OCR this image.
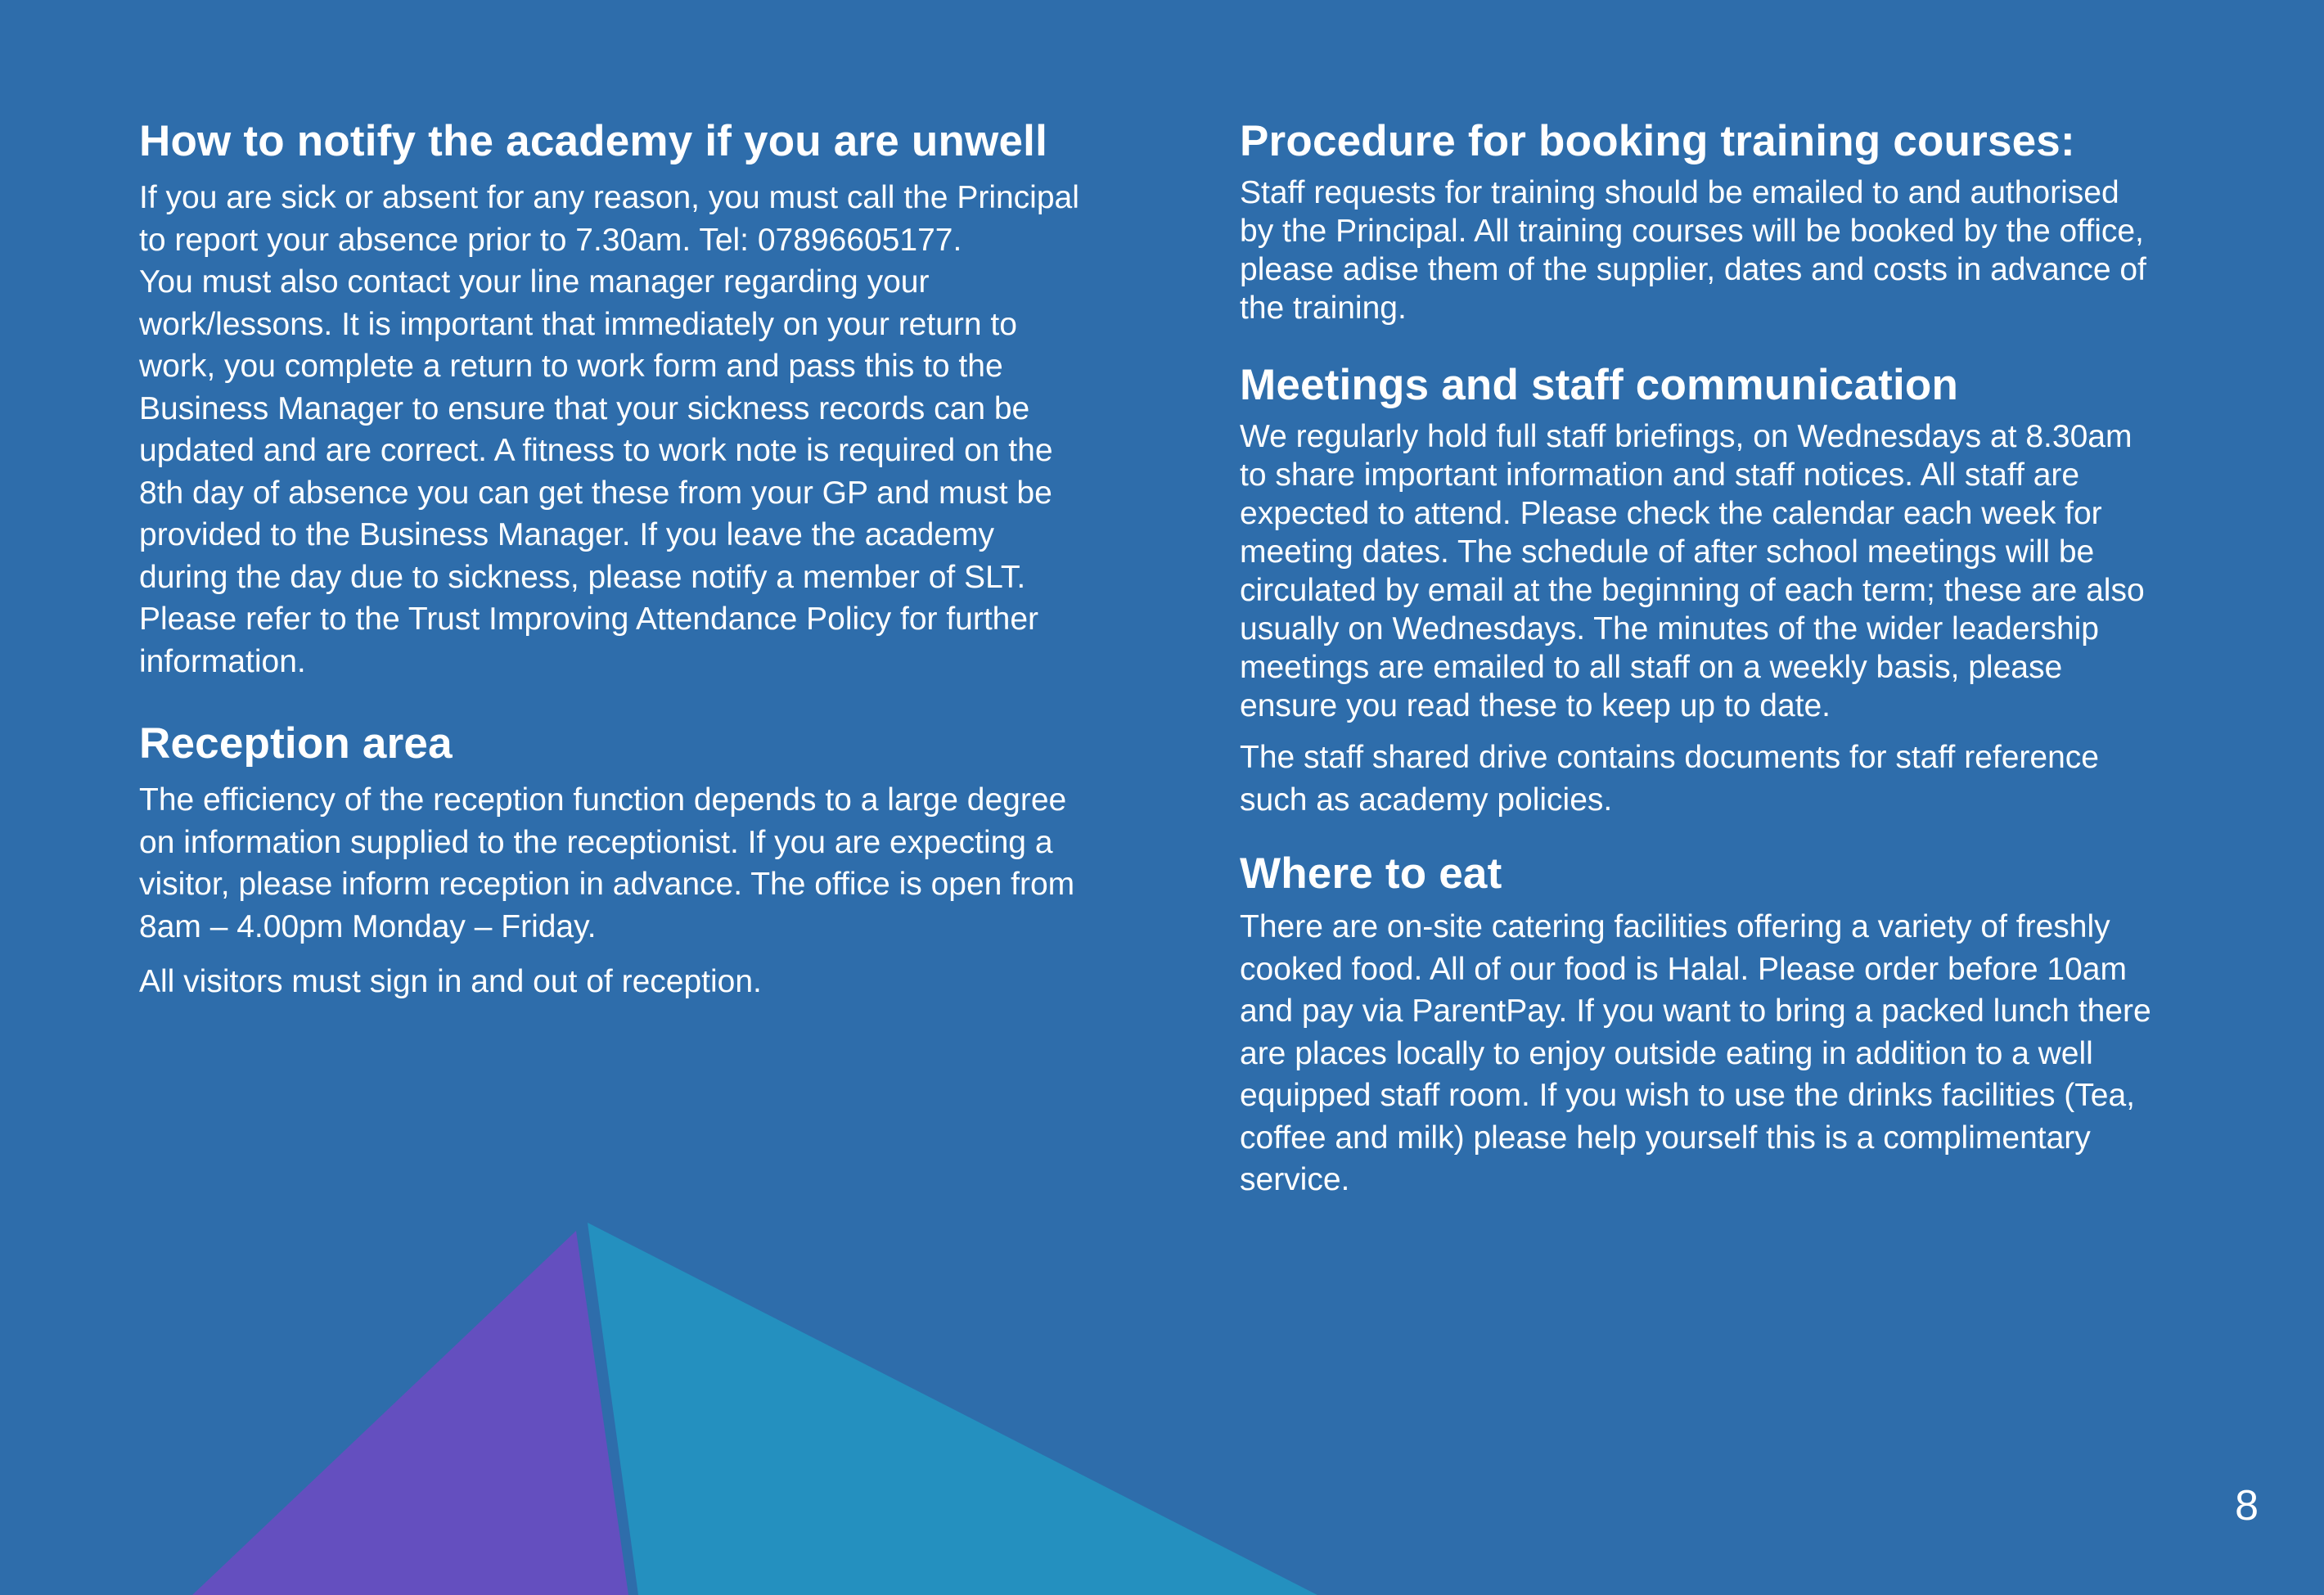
How to notify the academy if you are unwell

If you are sick or absent for any reason, you must call the Principal
to report your absence prior to 7.30am. Tel: 07896605177.
You must also contact your line manager regarding your
work/lessons. It is important that immediately on your return to
work, you complete a return to work form and pass this to the
Business Manager to ensure that your sickness records can be
updated and are correct. A fitness to work note is required on the
8th day of absence you can get these from your GP and must be
provided to the Business Manager. If you leave the academy
during the day due to sickness, please notify a member of SLT.
Please refer to the Trust Improving Attendance Policy for further
information.

Reception area

The efficiency of the reception function depends to a large degree
on information supplied to the receptionist. If you are expecting a
visitor, please inform reception in advance. The office is open from
8am – 4.00pm Monday – Friday.

All visitors must sign in and out of reception.

Procedure for booking training courses:

Staff requests for training should be emailed to and authorised
by the Principal. All training courses will be booked by the office,
please adise them of the supplier, dates and costs in advance of
the training.

Meetings and staff communication

We regularly hold full staff briefings, on Wednesdays at 8.30am
to share important information and staff notices. All staff are
expected to attend. Please check the calendar each week for
meeting dates. The schedule of after school meetings will be
circulated by email at the beginning of each term; these are also
usually on Wednesdays. The minutes of the wider leadership
meetings are emailed to all staff on a weekly basis, please
ensure you read these to keep up to date.

The staff shared drive contains documents for staff reference
such as academy policies.

Where to eat

There are on-site catering facilities offering a variety of freshly
cooked food. All of our food is Halal. Please order before 10am
and pay via ParentPay. If you want to bring a packed lunch there
are places locally to enjoy outside eating in addition to a well
equipped staff room. If you wish to use the drinks facilities (Tea,
coffee and milk) please help yourself this is a complimentary
service.

8
